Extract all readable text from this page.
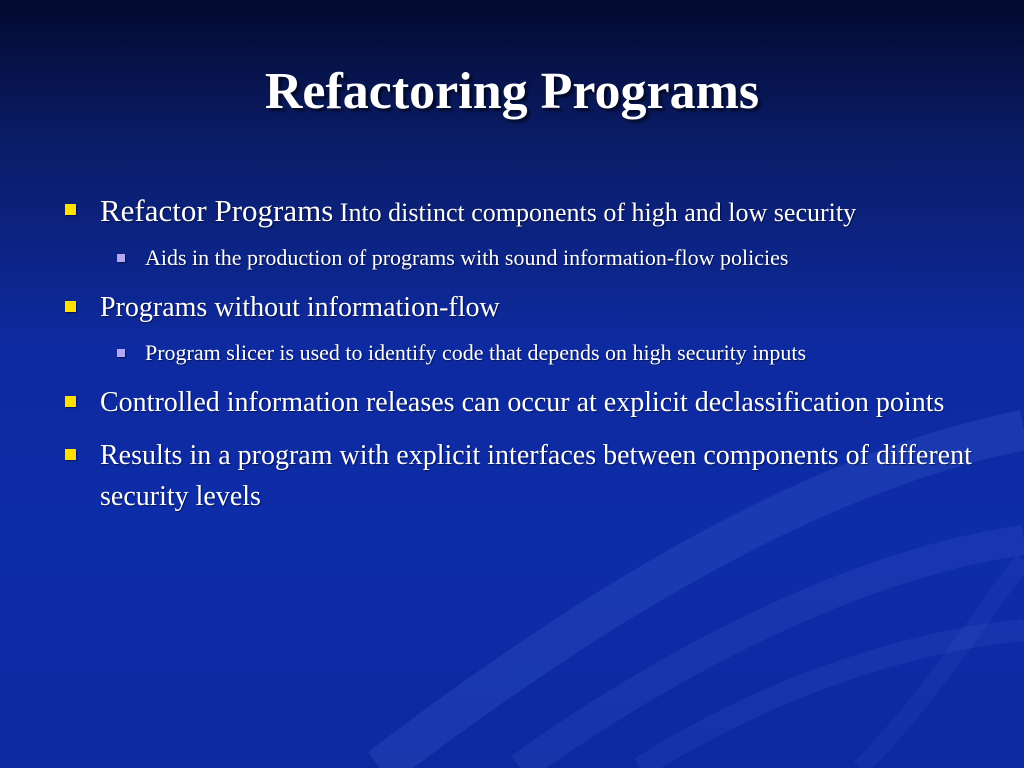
Refactoring Programs
Refactor Programs Into distinct components of high and low security
Aids in the production of programs with sound information-flow policies
Programs without information-flow
Program slicer is used to identify code that depends on high security inputs
Controlled information releases can occur at explicit declassification points
Results in a program with explicit interfaces between components of different security levels
